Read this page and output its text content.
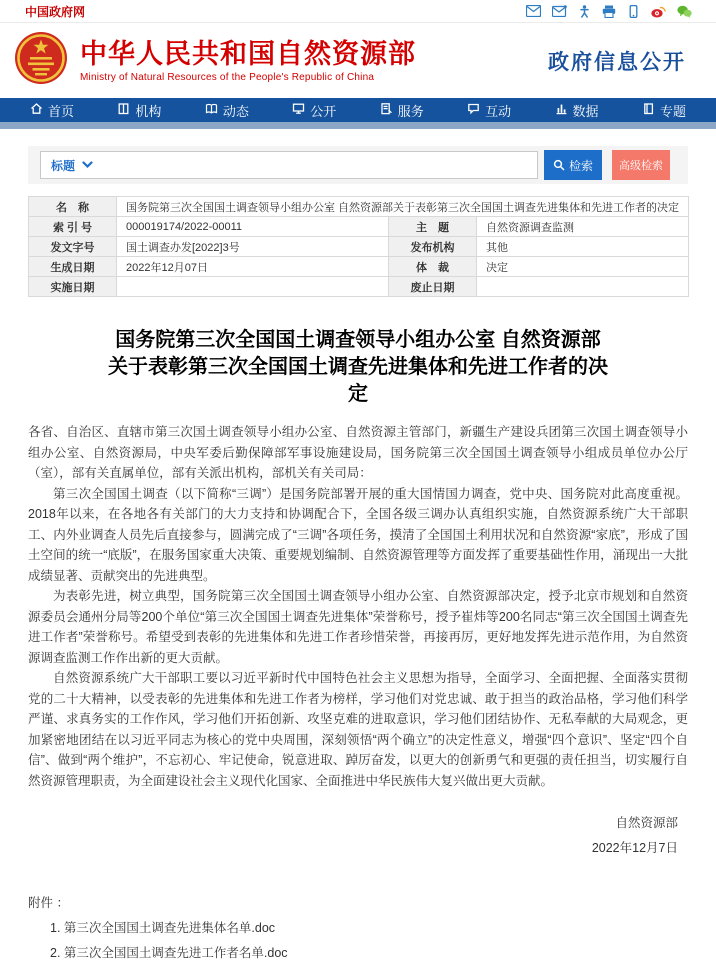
中国政府网
中华人民共和国自然资源部
Ministry of Natural Resources of the People's Republic of China
政府信息公开
首页	机构	动态	公开	服务	互动	数据	专题
标题	检索	高级检索
名　称	国务院第三次全国国土调查领导小组办公室 自然资源部关于表彰第三次全国国土调查先进集体和先进工作者的决定		
索 引 号	000019174/2022-00011	主　题	自然资源调查监测
发文字号	国土调查办发[2022]3号	发布机构	其他
生成日期	2022年12月07日	体　裁	决定
实施日期		废止日期	
国务院第三次全国国土调查领导小组办公室 自然资源部
关于表彰第三次全国国土调查先进集体和先进工作者的决
定

各省、自治区、直辖市第三次国土调查领导小组办公室、自然资源主管部门，新疆生产建设兵团第三次国土调查领导小组办公室、自然资源局，中央军委后勤保障部军事设施建设局，国务院第三次全国国土调查领导小组成员单位办公厅（室），部有关直属单位，部有关派出机构，部机关有关司局：

第三次全国国土调查（以下简称“三调”）是国务院部署开展的重大国情国力调查，党中央、国务院对此高度重视。2018年以来，在各地各有关部门的大力支持和协调配合下，全国各级三调办认真组织实施，自然资源系统广大干部职工、内外业调查人员先后直接参与，圆满完成了“三调”各项任务，摸清了全国国土利用状况和自然资源“家底”，形成了国土空间的统一“底版”，在服务国家重大决策、重要规划编制、自然资源管理等方面发挥了重要基础性作用，涌现出一大批成绩显著、贡献突出的先进典型。

为表彰先进，树立典型，国务院第三次全国国土调查领导小组办公室、自然资源部决定，授予北京市规划和自然资源委员会通州分局等200个单位“第三次全国国土调查先进集体”荣誉称号，授予崔炜等200名同志“第三次全国国土调查先进工作者”荣誉称号。希望受到表彰的先进集体和先进工作者珍惜荣誉，再接再厉，更好地发挥先进示范作用，为自然资源调查监测工作作出新的更大贡献。

自然资源系统广大干部职工要以习近平新时代中国特色社会主义思想为指导，全面学习、全面把握、全面落实贯彻党的二十大精神，以受表彰的先进集体和先进工作者为榜样，学习他们对党忠诚、敢于担当的政治品格，学习他们科学严谨、求真务实的工作作风，学习他们开拓创新、攻坚克难的进取意识，学习他们团结协作、无私奉献的大局观念，更加紧密地团结在以习近平同志为核心的党中央周围，深刻领悟“两个确立”的决定性意义，增强“四个意识”、坚定“四个自信”、做到“两个维护”，不忘初心、牢记使命，锐意进取、踔厉奋发，以更大的创新勇气和更强的责任担当，切实履行自然资源管理职责，为全面建设社会主义现代化国家、全面推进中华民族伟大复兴做出更大贡献。

自然资源部
2022年12月7日
附件 ：
1. 第三次全国国土调查先进集体名单.doc
2. 第三次全国国土调查先进工作者名单.doc
